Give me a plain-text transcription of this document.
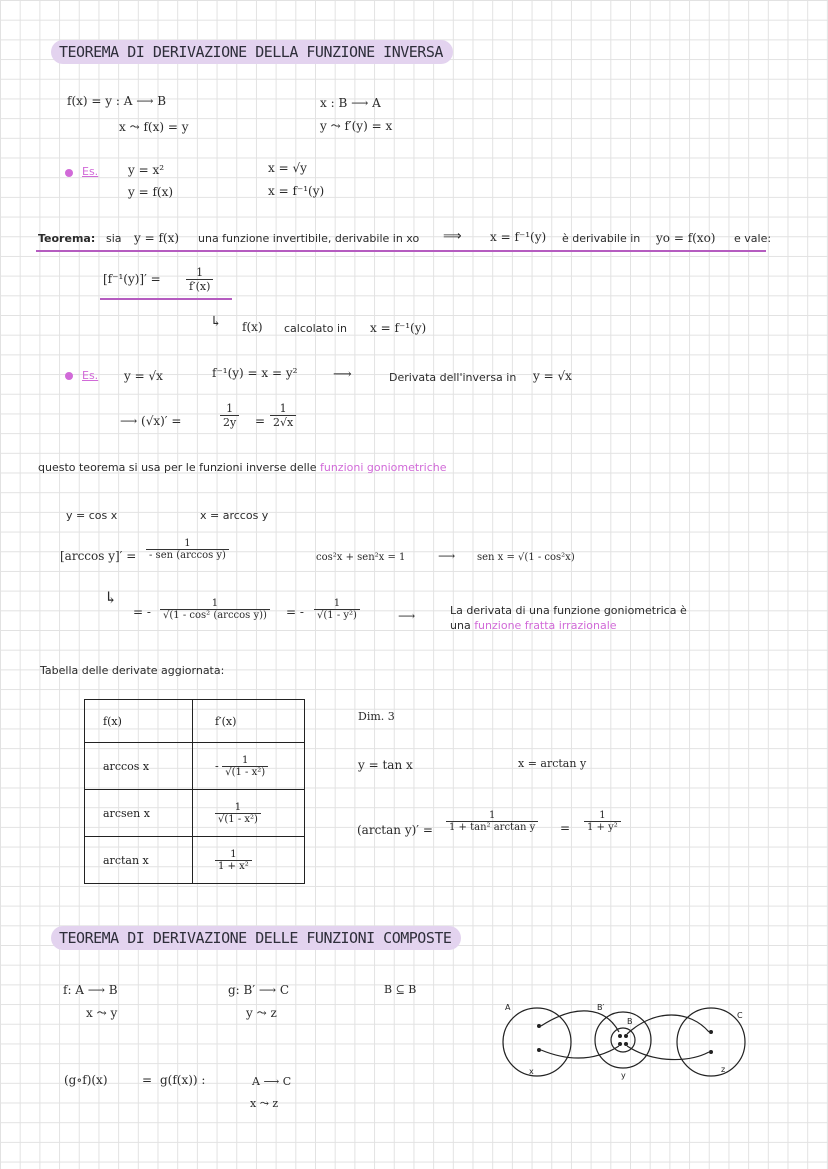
TEOREMA DI DERIVAZIONE DELLA FUNZIONE INVERSA
f(x) = y : A ⟶ B
x ⤳ f(x) = y
x : B ⟶ A
y ⤳ f′(y) = x
Es. y = x²
y = f(x)
x = √y
x = f⁻¹(y)
Teorema: sia y = f(x) una funzione invertibile, derivabile in xo ⟹ x = f⁻¹(y) è derivabile in yo = f(xo) e vale:
$[f^{-1}(y)]' = \frac{1}{f'(x)}$
↳ f(x) calcolato in x = f⁻¹(y)
Es. y = √x	f⁻¹(y) = x = y²	⟶	Derivata dell'inversa in y = √x
⟶ (√x)′ =	$\frac{1}{2y} = \frac{1}{2√x}$
questo teorema si usa per le funzioni inverse delle funzioni goniometriche
y = cos x	x = arccos y
[arccos $y]' = \frac{1}{\text{- sen (arccos y)}}$	cos²x + sen²x = 1	⟶ sen x = √(1 - cos²x)
↳
= - $\frac{1}{\text{√(1 - cos² (arccos y))}}$ = - $\frac{1}{\text{√(1 - y²)}}$	⟶	La derivata di una funzione goniometrica è
una funzione fratta irrazionale
Tabella delle derivate aggiornata:
f(x)	f′(x)
arccos x	- $\frac{1}{\text{√(1 - x²)}}$

arcsen x	$\frac{1}{\text{√(1 - x²)}}$

arctan x	$\frac{1}{\text{1 + x²}}$
Dim. 3
y = tan x	x = arctan y
(arctan $y)' = \frac{1}{\text{1 + tan² arctan y}} = \frac{1}{\text{1 + y²}}$
TEOREMA DI DERIVAZIONE DELLE FUNZIONI COMPOSTE
f: A ⟶ B
x ⤳ y
g: B′ ⟶ C
y ⤳ z
B ⊆ B
(g∘f)(x)	= g(f(x)) :	A ⟶ C
x ⤳ z
A	B′
B
C
x	y
z
